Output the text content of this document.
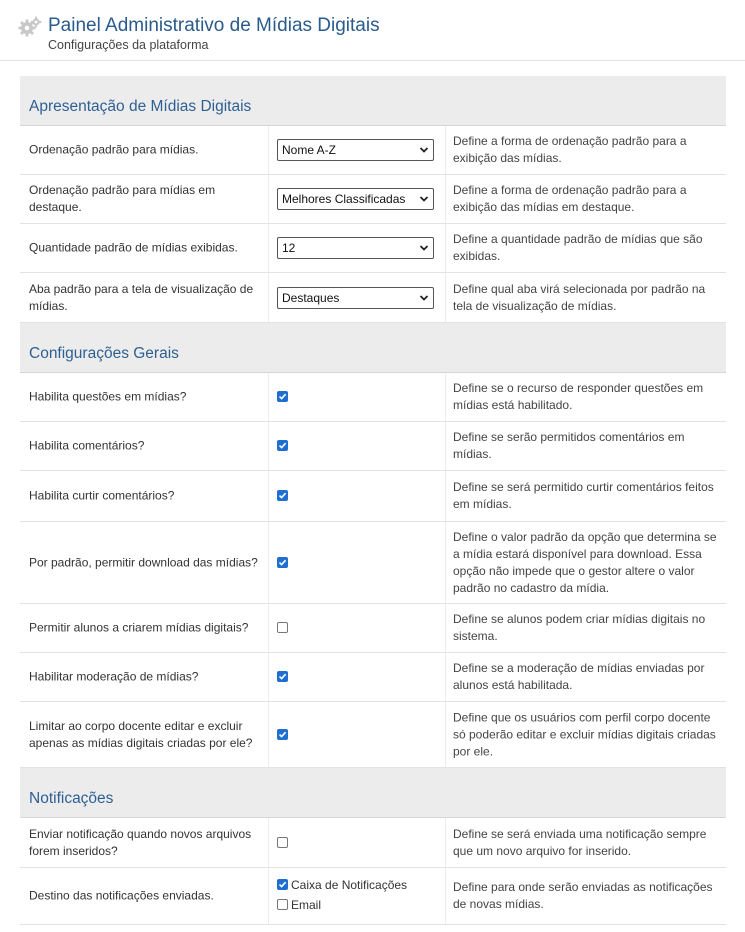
Painel Administrativo de Mídias Digitais
Configurações da plataforma
Apresentação de Mídias Digitais
Ordenação padrão para mídias.	Nome A-Z
Define a forma de ordenação padrão para a exibição das mídias.
Ordenação padrão para mídias em destaque.
Melhores Classificadas
Define a forma de ordenação padrão para a exibição das mídias em destaque.
Quantidade padrão de mídias exibidas.	12
Define a quantidade padrão de mídias que são exibidas.
Aba padrão para a tela de visualização de mídias.
Destaques
Define qual aba virá selecionada por padrão na tela de visualização de mídias.
Configurações Gerais
Habilita questões em mídias?
Define se o recurso de responder questões em mídias está habilitado.
Habilita comentários?
Define se serão permitidos comentários em mídias.
Habilita curtir comentários?
Define se será permitido curtir comentários feitos em mídias.
Por padrão, permitir download das mídias?
Define o valor padrão da opção que determina se a mídia estará disponível para download. Essa opção não impede que o gestor altere o valor padrão no cadastro da mídia.
Permitir alunos a criarem mídias digitais?
Define se alunos podem criar mídias digitais no sistema.
Habilitar moderação de mídias?
Define se a moderação de mídias enviadas por alunos está habilitada.
Limitar ao corpo docente editar e excluir apenas as mídias digitais criadas por ele?
Define que os usuários com perfil corpo docente só poderão editar e excluir mídias digitais criadas por ele.
Notificações
Enviar notificação quando novos arquivos forem inseridos?
Define se será enviada uma notificação sempre que um novo arquivo for inserido.
Destino das notificações enviadas.
Caixa de Notificações
Email
Define para onde serão enviadas as notificações de novas mídias.
